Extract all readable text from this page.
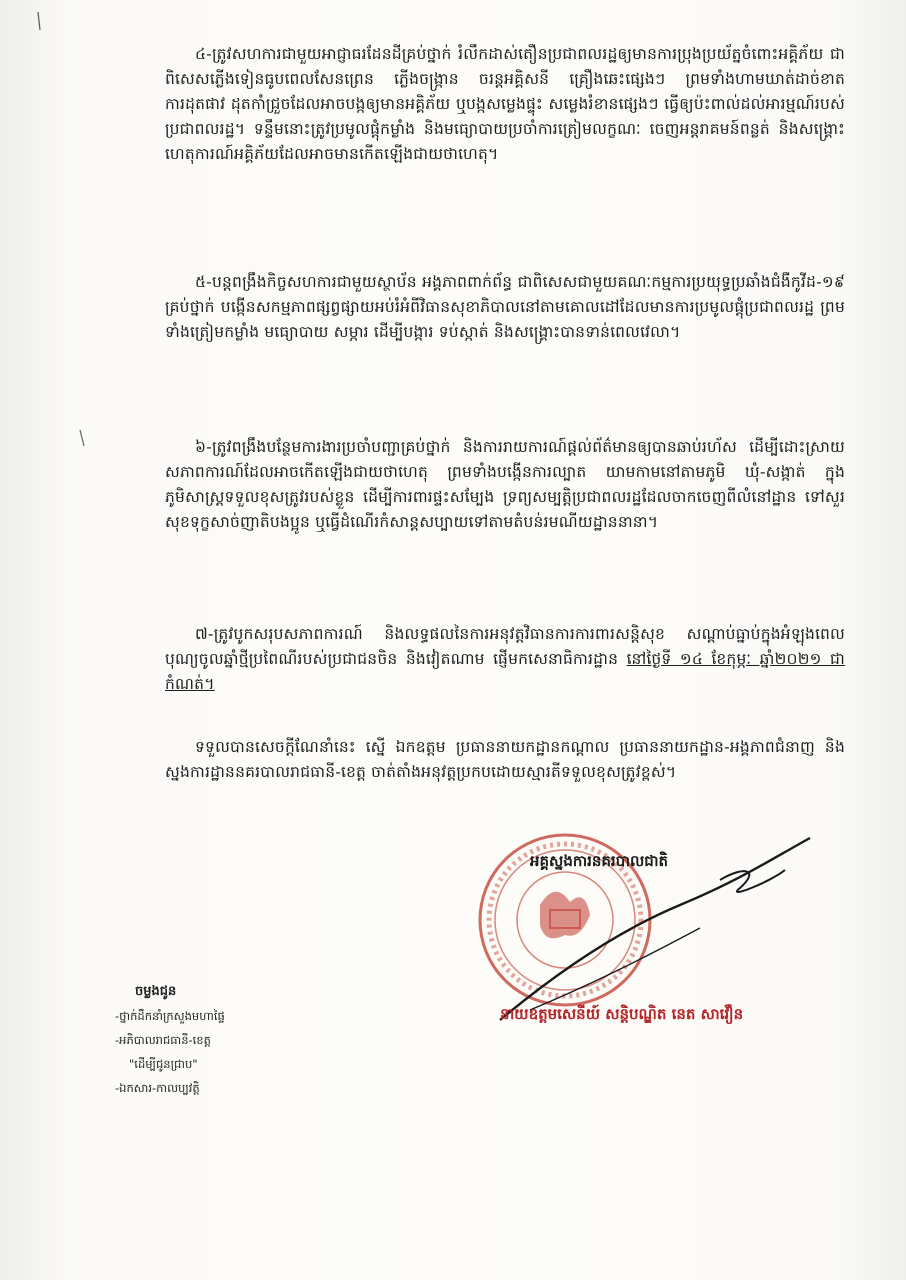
៤-ត្រូវសហការជាមួយអាជ្ញាធរដែនដីគ្រប់ថ្នាក់ រំលឹកដាស់តឿនប្រជាពលរដ្ឋឲ្យមានការប្រុងប្រយ័ត្នចំពោះអគ្គិភ័យ ជាពិសេសភ្លើងទៀនធូបពេលសែនព្រេន ភ្លើងចង្ក្រាន ចរន្តអគ្គិសនី គ្រឿងឆេះផ្សេងៗ ព្រមទាំងហាមឃាត់ដាច់ខាតការដុតផាវ ដុតកាំជ្រួចដែលអាចបង្កឲ្យមានអគ្គិភ័យ ឬបង្កសម្លេងផ្ទុះ សម្លេងរំខានផ្សេងៗ ធ្វើឲ្យប៉ះពាល់ដល់អារម្មណ៍របស់ប្រជាពលរដ្ឋ។ ទន្ទឹមនោះត្រូវប្រមូលផ្តុំកម្លាំង និងមធ្យោបាយប្រចាំការត្រៀមលក្ខណៈ ចេញអន្តរាគមន៍ពន្លត់ និងសង្គ្រោះហេតុការណ៍អគ្គិភ័យដែលអាចមានកើតឡើងជាយថាហេតុ។
៥-បន្តពង្រឹងកិច្ចសហការជាមួយស្ថាប័ន អង្គភាពពាក់ព័ន្ធ ជាពិសេសជាមួយគណៈកម្មការប្រយុទ្ធប្រឆាំងជំងឺកូវីដ-១៩ គ្រប់ថ្នាក់ បង្កើនសកម្មភាពផ្សព្វផ្សាយអប់រំអំពីវិធានសុខាភិបាលនៅតាមគោលដៅដែលមានការប្រមូលផ្តុំប្រជាពលរដ្ឋ ព្រមទាំងត្រៀមកម្លាំង មធ្យោបាយ សម្ភារ ដើម្បីបង្ការ ទប់ស្កាត់ និងសង្គ្រោះបានទាន់ពេលវេលា។
៦-ត្រូវពង្រឹងបន្ថែមការងារប្រចាំបញ្ជាគ្រប់ថ្នាក់ និងការរាយការណ៍ផ្តល់ព័ត៌មានឲ្យបានឆាប់រហ័ស ដើម្បីដោះស្រាយសភាពការណ៍ដែលអាចកើតឡើងជាយថាហេតុ ព្រមទាំងបង្កើនការល្បាត យាមកាមនៅតាមភូមិ ឃុំ-សង្កាត់ ក្នុងភូមិសាស្ត្រទទួលខុសត្រូវរបស់ខ្លួន ដើម្បីការពារផ្ទះសម្បែង ទ្រព្យសម្បត្តិប្រជាពលរដ្ឋដែលចាកចេញពីលំនៅដ្ឋាន ទៅសួរសុខទុក្ខសាច់ញាតិបងប្អូន ឬធ្វើដំណើរកំសាន្តសប្បាយទៅតាមតំបន់រមណីយដ្ឋាននានា។
៧-ត្រូវបូកសរុបសភាពការណ៍ និងលទ្ធផលនៃការអនុវត្តវិធានការការពារសន្តិសុខ សណ្តាប់ធ្នាប់ក្នុងអំឡុងពេលបុណ្យចូលឆ្នាំថ្មីប្រពៃណីរបស់ប្រជាជនចិន និងវៀតណាម ផ្ញើមកសេនាធិការដ្ឋាន នៅថ្ងៃទី ១៤ ខែកុម្ភៈ ឆ្នាំ២០២១ ជាកំណត់។
ទទួលបានសេចក្តីណែនាំនេះ ស្នើ ឯកឧត្តម ប្រធាននាយកដ្ឋានកណ្តាល ប្រធាននាយកដ្ឋាន-អង្គភាពជំនាញ និងស្នងការដ្ឋាននគរបាលរាជធានី-ខេត្ត ចាត់តាំងអនុវត្តប្រកបដោយស្មារតីទទួលខុសត្រូវខ្ពស់។
អគ្គស្នងការនគរបាលជាតិ
នាយឧត្តមសេនីយ៍ សន្តិបណ្ឌិត នេត សាវឿន
ចម្លងជូន
-ថ្នាក់ដឹកនាំក្រសួងមហាផ្ទៃ
-អភិបាលរាជធានី-ខេត្ត
"ដើម្បីជូនជ្រាប"
-ឯកសារ-កាលប្បវត្តិ
